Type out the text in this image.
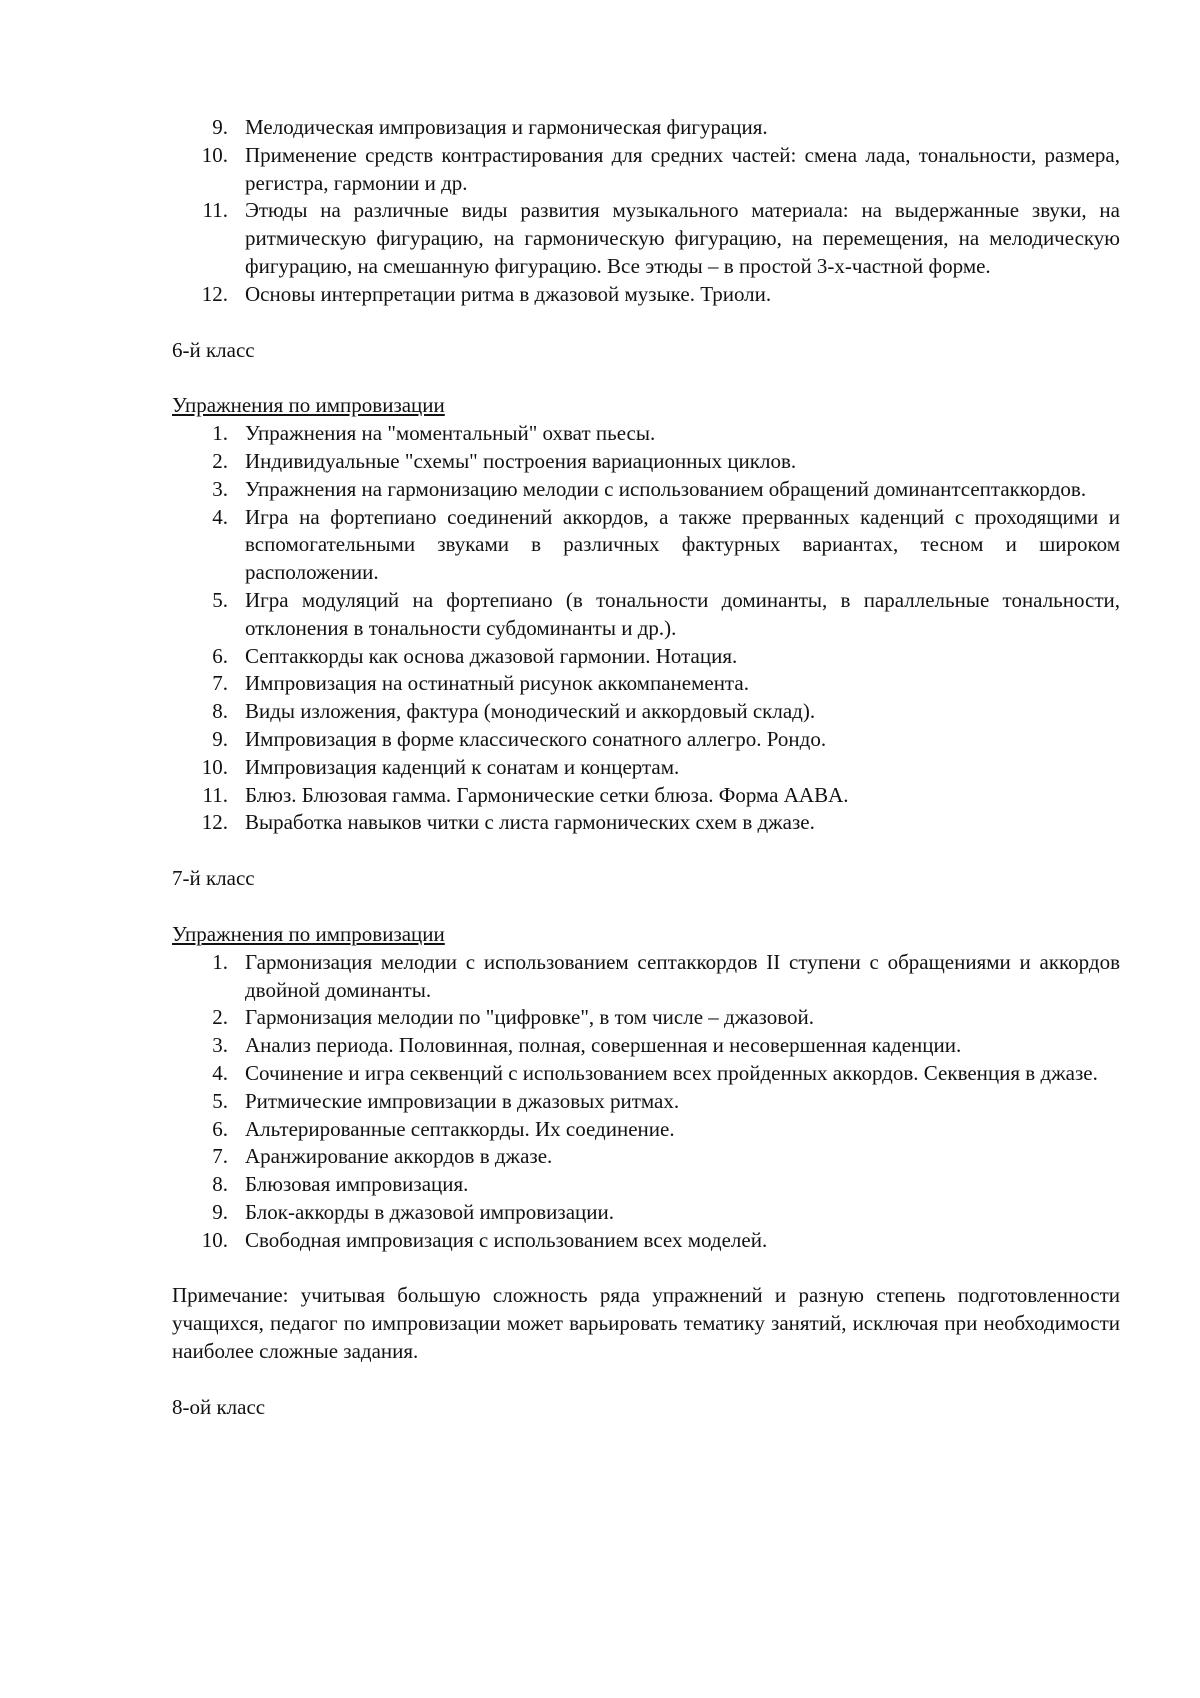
9. Мелодическая импровизация и гармоническая фигурация.
10. Применение средств контрастирования для средних частей: смена лада, тональности, размера, регистра, гармонии и др.
11. Этюды на различные виды развития музыкального материала: на выдержанные звуки, на ритмическую фигурацию, на гармоническую фигурацию, на перемещения, на мелодическую фигурацию, на смешанную фигурацию. Все этюды – в простой 3-х-частной форме.
12. Основы интерпретации ритма в джазовой музыке. Триоли.
6-й класс
Упражнения по импровизации
1. Упражнения на "моментальный" охват пьесы.
2. Индивидуальные "схемы" построения вариационных циклов.
3. Упражнения на гармонизацию мелодии с использованием обращений доминантсептаккордов.
4. Игра на фортепиано соединений аккордов, а также прерванных каденций с проходящими и вспомогательными звуками в различных фактурных вариантах, тесном и широком расположении.
5. Игра модуляций на фортепиано (в тональности доминанты, в параллельные тональности, отклонения в тональности субдоминанты и др.).
6. Септаккорды как основа джазовой гармонии. Нотация.
7. Импровизация на остинатный рисунок аккомпанемента.
8. Виды изложения, фактура (монодический и аккордовый склад).
9. Импровизация в форме классического сонатного аллегро. Рондо.
10. Импровизация каденций к сонатам и концертам.
11. Блюз. Блюзовая гамма. Гармонические сетки блюза. Форма AABA.
12. Выработка навыков читки с листа гармонических схем в джазе.
7-й класс
Упражнения по импровизации
1. Гармонизация мелодии с использованием септаккордов II ступени с обращениями и аккордов двойной доминанты.
2. Гармонизация мелодии по "цифровке", в том числе – джазовой.
3. Анализ периода. Половинная, полная, совершенная и несовершенная каденции.
4. Сочинение и игра секвенций с использованием всех пройденных аккордов. Секвенция в джазе.
5. Ритмические импровизации в джазовых ритмах.
6. Альтерированные септаккорды. Их соединение.
7. Аранжирование аккордов в джазе.
8. Блюзовая импровизация.
9. Блок-аккорды в джазовой импровизации.
10. Свободная импровизация с использованием всех моделей.
Примечание: учитывая большую сложность ряда упражнений и разную степень подготовленности учащихся, педагог по импровизации может варьировать тематику занятий, исключая при необходимости наиболее сложные задания.
8-ой класс
